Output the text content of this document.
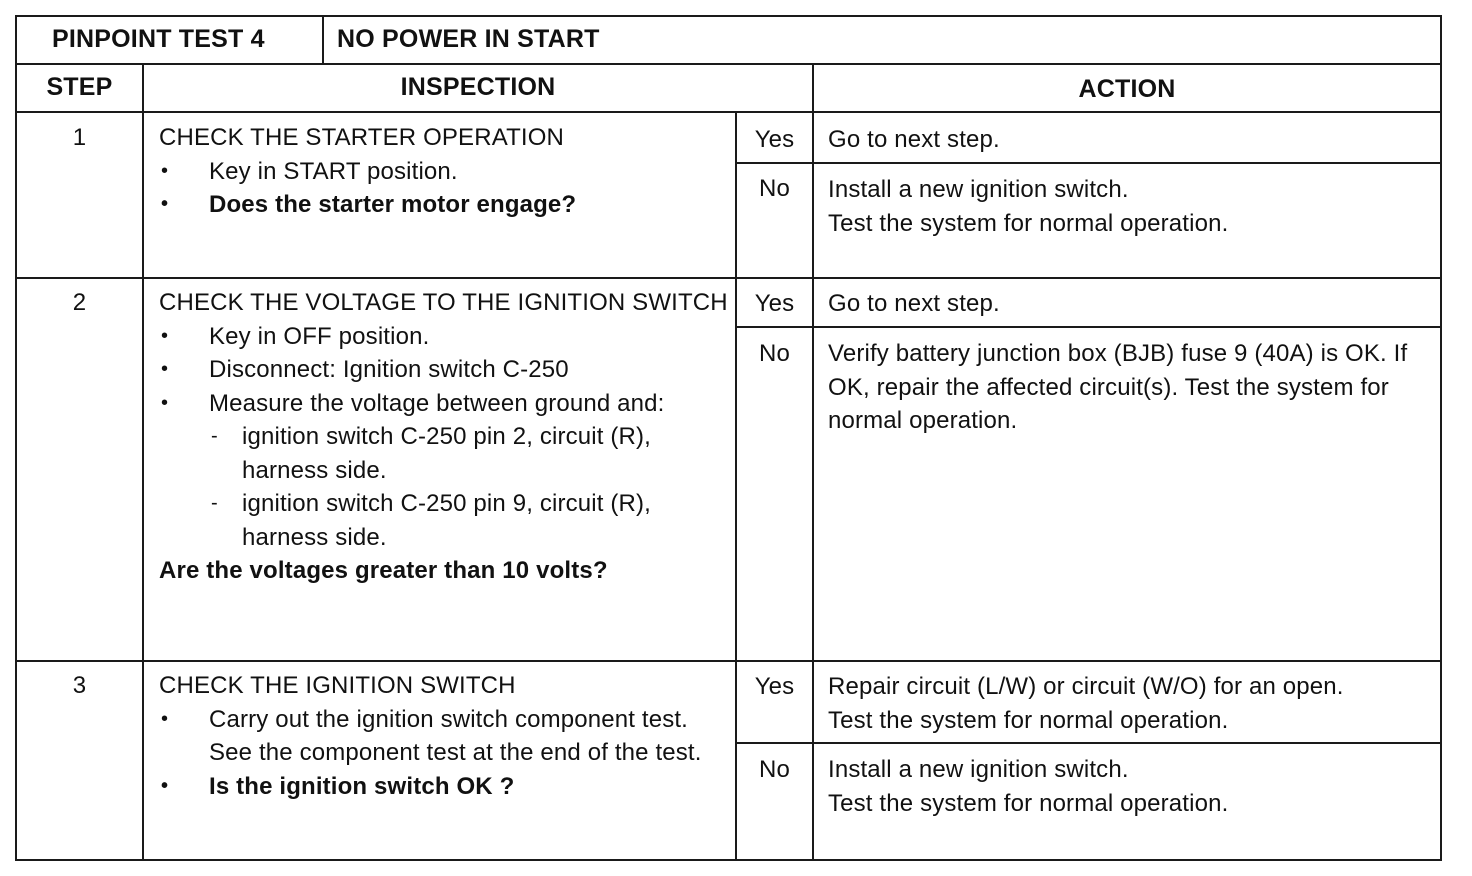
PINPOINT TEST 4	NO POWER IN START
STEP	INSPECTION	ACTION
1	CHECK THE STARTER OPERATION
• Key in START position.
• Does the starter motor engage?
Yes	Go to next step.
No	Install a new ignition switch.
Test the system for normal operation.
2	CHECK THE VOLTAGE TO THE IGNITION SWITCH
• Key in OFF position.
• Disconnect: Ignition switch C-250
• Measure the voltage between ground and:
- ignition switch C-250 pin 2, circuit (R), harness side.
- ignition switch C-250 pin 9, circuit (R), harness side.
Are the voltages greater than 10 volts?
Yes	Go to next step.
No	Verify battery junction box (BJB) fuse 9 (40A) is OK. If OK, repair the affected circuit(s). Test the system for normal operation.
3	CHECK THE IGNITION SWITCH
• Carry out the ignition switch component test. See the component test at the end of the test.
• Is the ignition switch OK ?
Yes	Repair circuit (L/W) or circuit (W/O) for an open.
Test the system for normal operation.
No	Install a new ignition switch.
Test the system for normal operation.
